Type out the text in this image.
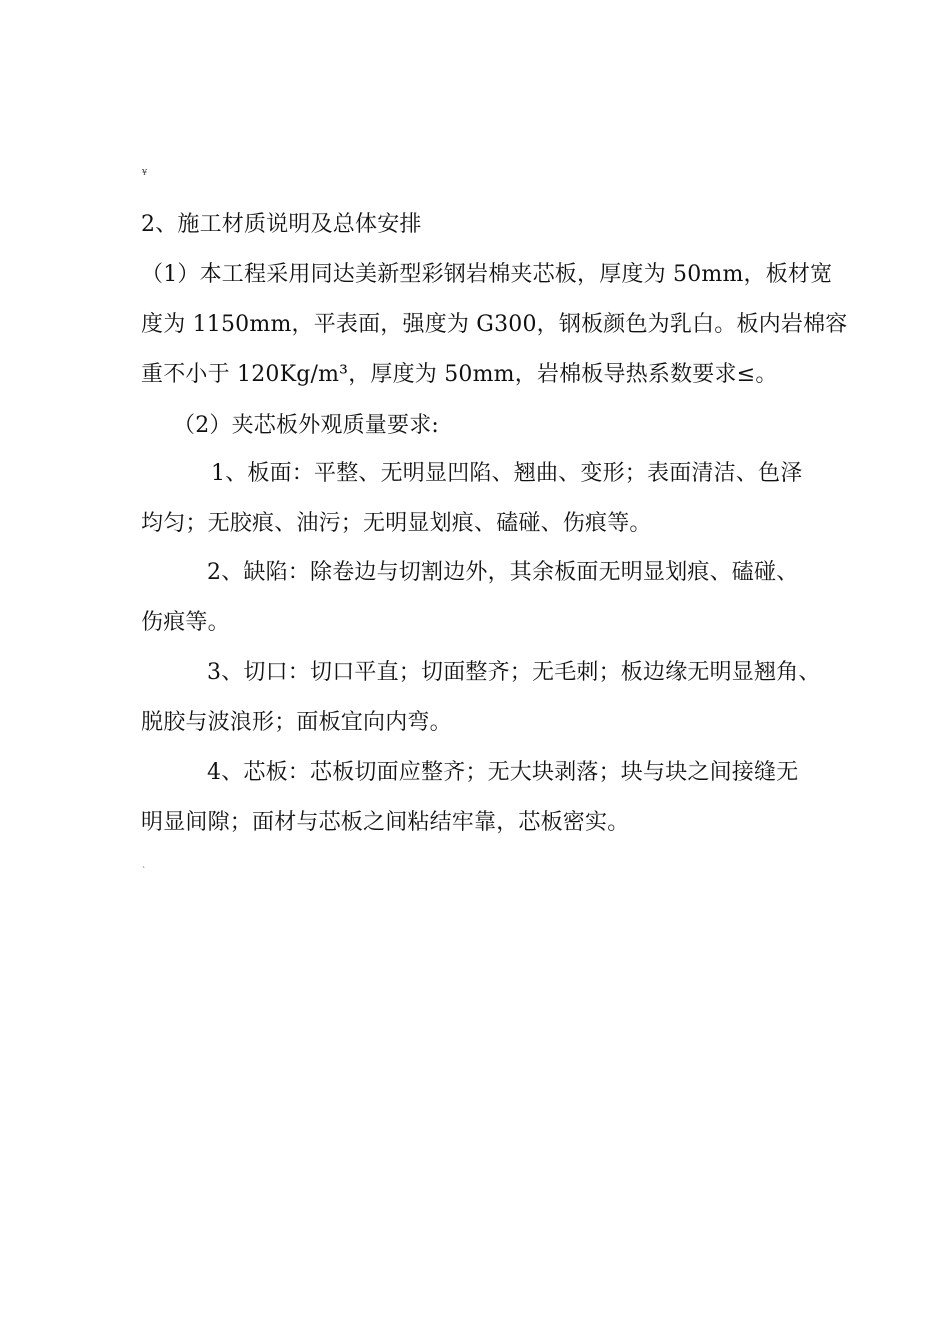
¥
2、施工材质说明及总体安排
（1）本工程采用同达美新型彩钢岩棉夹芯板，厚度为 50mm，板材宽
度为 1150mm，平表面，强度为 G300，钢板颜色为乳白。板内岩棉容
重不小于 120Kg/m³，厚度为 50mm，岩棉板导热系数要求≤。
（2）夹芯板外观质量要求:
1、板面：平整、无明显凹陷、翘曲、变形；表面清洁、色泽
均匀；无胶痕、油污；无明显划痕、磕碰、伤痕等。
2、缺陷：除卷边与切割边外，其余板面无明显划痕、磕碰、
伤痕等。
3、切口：切口平直；切面整齐；无毛刺；板边缘无明显翘角、
脱胶与波浪形；面板宜向内弯。
4、芯板：芯板切面应整齐；无大块剥落；块与块之间接缝无
明显间隙；面材与芯板之间粘结牢靠，芯板密实。
`
